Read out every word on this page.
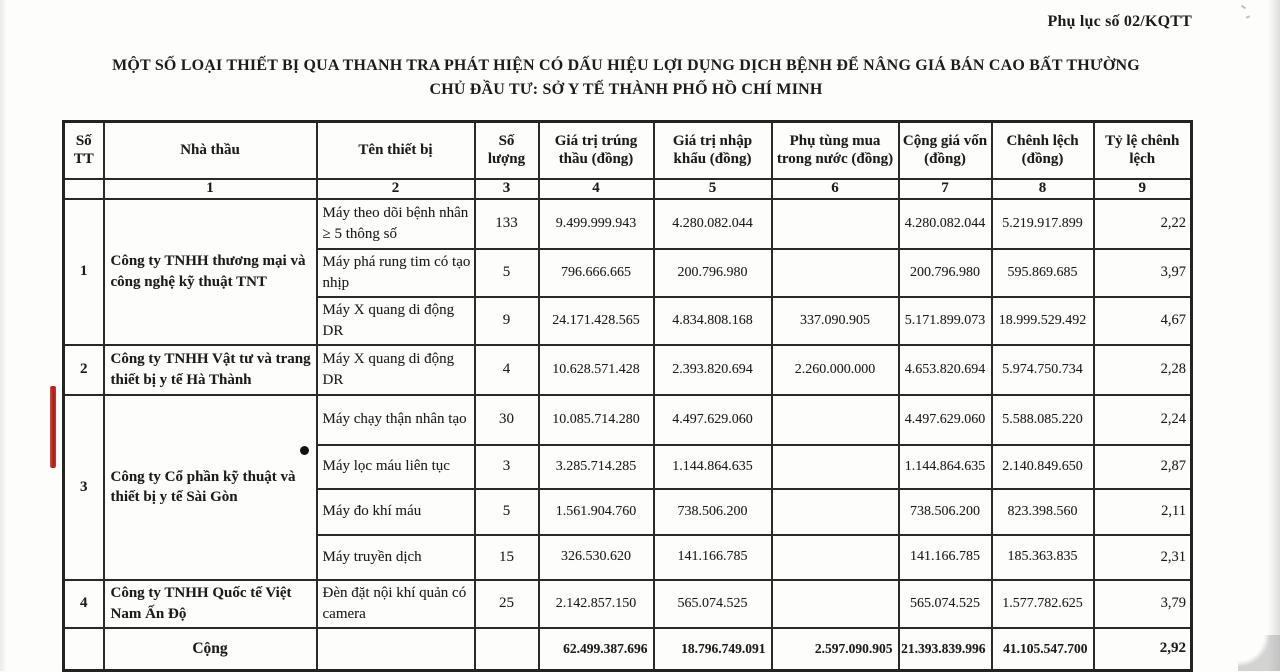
Phụ lục số 02/KQTT
MỘT SỐ LOẠI THIẾT BỊ QUA THANH TRA PHÁT HIỆN CÓ DẤU HIỆU LỢI DỤNG DỊCH BỆNH ĐỂ NÂNG GIÁ BÁN CAO BẤT THƯỜNG
CHỦ ĐẦU TƯ: SỞ Y TẾ THÀNH PHỐ HỒ CHÍ MINH
Số TT	Nhà thầu	Tên thiết bị	Số lượng	Giá trị trúng thầu (đồng)	Giá trị nhập khẩu (đồng)	Phụ tùng mua trong nước (đồng)	Cộng giá vốn (đồng)	Chênh lệch (đồng)	Tỷ lệ chênh lệch
	1	2	3	4	5	6	7	8	9
1	Công ty TNHH thương mại và công nghệ kỹ thuật TNT	Máy theo dõi bệnh nhân ≥ 5 thông số	133	9.499.999.943	4.280.082.044		4.280.082.044	5.219.917.899	2,22
		Máy phá rung tim có tạo nhịp	5	796.666.665	200.796.980		200.796.980	595.869.685	3,97
		Máy X quang di động DR	9	24.171.428.565	4.834.808.168	337.090.905	5.171.899.073	18.999.529.492	4,67
2	Công ty TNHH Vật tư và trang thiết bị y tế Hà Thành	Máy X quang di động DR	4	10.628.571.428	2.393.820.694	2.260.000.000	4.653.820.694	5.974.750.734	2,28
3	Công ty Cổ phần kỹ thuật và thiết bị y tế Sài Gòn	Máy chạy thận nhân tạo	30	10.085.714.280	4.497.629.060		4.497.629.060	5.588.085.220	2,24
		Máy lọc máu liên tục	3	3.285.714.285	1.144.864.635		1.144.864.635	2.140.849.650	2,87
		Máy đo khí máu	5	1.561.904.760	738.506.200		738.506.200	823.398.560	2,11
		Máy truyền dịch	15	326.530.620	141.166.785		141.166.785	185.363.835	2,31
4	Công ty TNHH Quốc tế Việt Nam Ấn Độ	Đèn đặt nội khí quản có camera	25	2.142.857.150	565.074.525		565.074.525	1.577.782.625	3,79
	Cộng			62.499.387.696	18.796.749.091	2.597.090.905	21.393.839.996	41.105.547.700	2,92
